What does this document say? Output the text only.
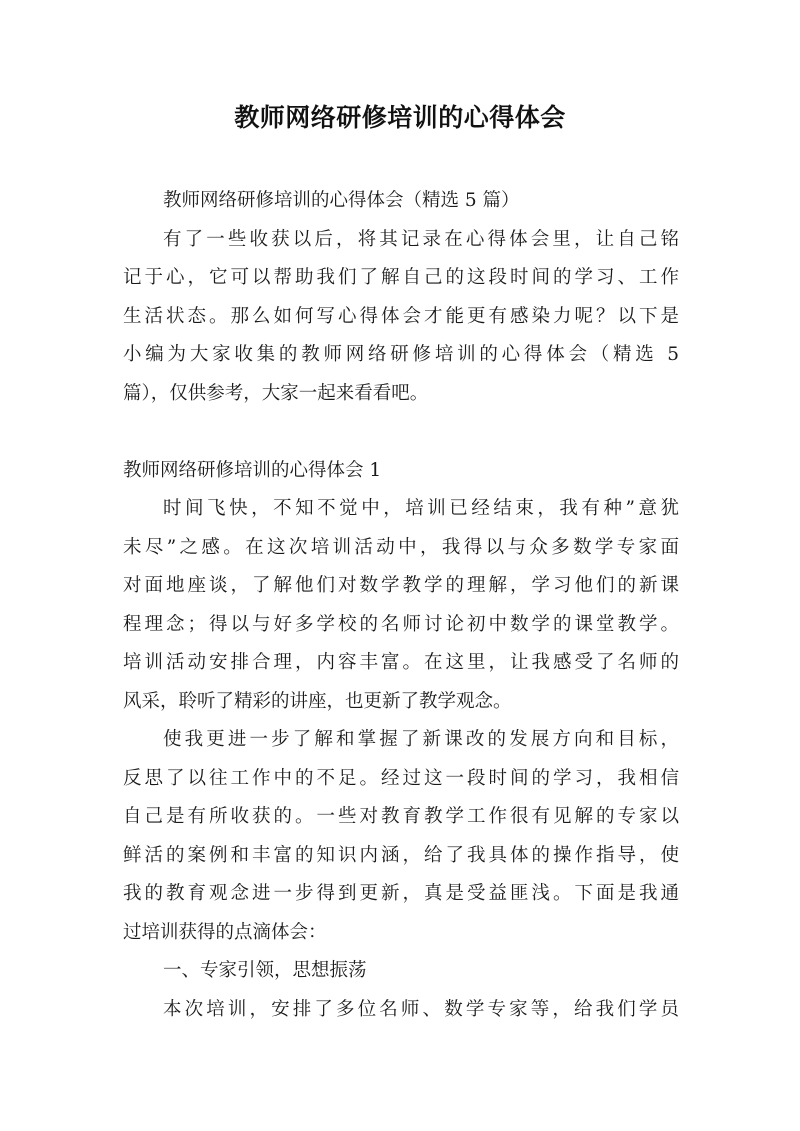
教师网络研修培训的心得体会
教师网络研修培训的心得体会（精选 5 篇）
有了一些收获以后，将其记录在心得体会里，让自己铭
记于心，它可以帮助我们了解自己的这段时间的学习、工作
生活状态。那么如何写心得体会才能更有感染力呢？以下是
小编为大家收集的教师网络研修培训的心得体会（精选 5
篇），仅供参考，大家一起来看看吧。
教师网络研修培训的心得体会 1
时间飞快，不知不觉中，培训已经结束，我有种”意犹
未尽”之感。在这次培训活动中，我得以与众多数学专家面
对面地座谈，了解他们对数学教学的理解，学习他们的新课
程理念；得以与好多学校的名师讨论初中数学的课堂教学。
培训活动安排合理，内容丰富。在这里，让我感受了名师的
风采，聆听了精彩的讲座，也更新了教学观念。
使我更进一步了解和掌握了新课改的发展方向和目标，
反思了以往工作中的不足。经过这一段时间的学习，我相信
自己是有所收获的。一些对教育教学工作很有见解的专家以
鲜活的案例和丰富的知识内涵，给了我具体的操作指导，使
我的教育观念进一步得到更新，真是受益匪浅。下面是我通
过培训获得的点滴体会：
一、专家引领，思想振荡
本次培训，安排了多位名师、数学专家等，给我们学员
